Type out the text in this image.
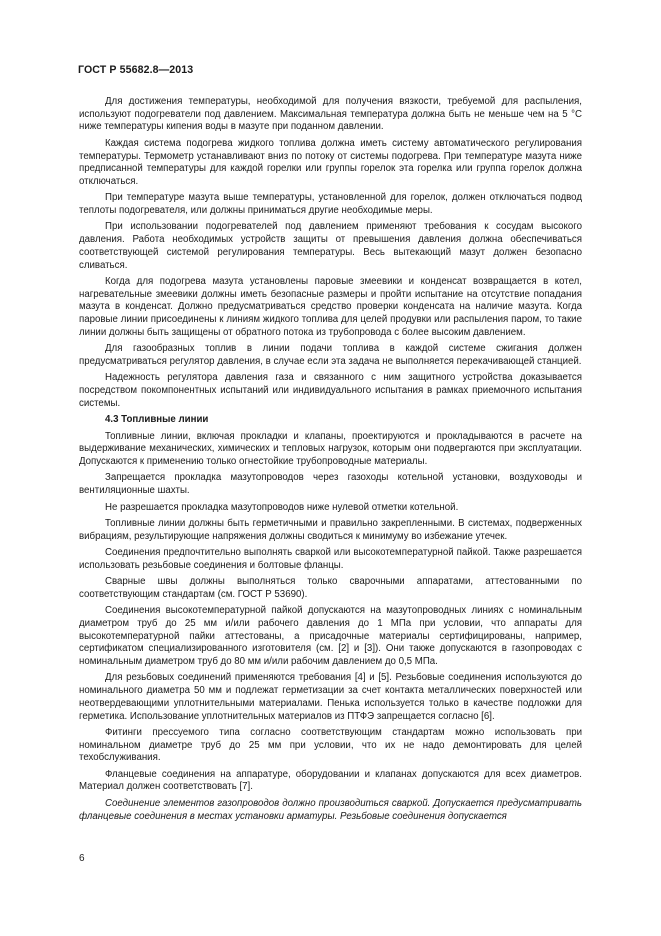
ГОСТ Р 55682.8—2013

Для достижения температуры, необходимой для получения вязкости, требуемой для распыления, используют подогреватели под давлением. Максимальная температура должна быть не меньше чем на 5 °С ниже температуры кипения воды в мазуте при поданном давлении.

Каждая система подогрева жидкого топлива должна иметь систему автоматического регулирования температуры. Термометр устанавливают вниз по потоку от системы подогрева. При температуре мазута ниже предписанной температуры для каждой горелки или группы горелок эта горелка или группа горелок должна отключаться.

При температуре мазута выше температуры, установленной для горелок, должен отключаться подвод теплоты подогревателя, или должны приниматься другие необходимые меры.

При использовании подогревателей под давлением применяют требования к сосудам высокого давления. Работа необходимых устройств защиты от превышения давления должна обеспечиваться соответствующей системой регулирования температуры. Весь вытекающий мазут должен безопасно сливаться.

Когда для подогрева мазута установлены паровые змеевики и конденсат возвращается в котел, нагревательные змеевики должны иметь безопасные размеры и пройти испытание на отсутствие попадания мазута в конденсат. Должно предусматриваться средство проверки конденсата на наличие мазута. Когда паровые линии присоединены к линиям жидкого топлива для целей продувки или распыления паром, то такие линии должны быть защищены от обратного потока из трубопровода с более высоким давлением.

Для газообразных топлив в линии подачи топлива в каждой системе сжигания должен предусматриваться регулятор давления, в случае если эта задача не выполняется перекачивающей станцией.

Надежность регулятора давления газа и связанного с ним защитного устройства доказывается посредством покомпонентных испытаний или индивидуального испытания в рамках приемочного испытания системы.

4.3 Топливные линии

Топливные линии, включая прокладки и клапаны, проектируются и прокладываются в расчете на выдерживание механических, химических и тепловых нагрузок, которым они подвергаются при эксплуатации. Допускаются к применению только огнестойкие трубопроводные материалы.

Запрещается прокладка мазутопроводов через газоходы котельной установки, воздуховоды и вентиляционные шахты.

Не разрешается прокладка мазутопроводов ниже нулевой отметки котельной.

Топливные линии должны быть герметичными и правильно закрепленными. В системах, подверженных вибрациям, результирующие напряжения должны сводиться к минимуму во избежание утечек.

Соединения предпочтительно выполнять сваркой или высокотемпературной пайкой. Также разрешается использовать резьбовые соединения и болтовые фланцы.

Сварные швы должны выполняться только сварочными аппаратами, аттестованными по соответствующим стандартам (см. ГОСТ Р 53690).

Соединения высокотемпературной пайкой допускаются на мазутопроводных линиях с номинальным диаметром труб до 25 мм и/или рабочего давления до 1 МПа при условии, что аппараты для высокотемпературной пайки аттестованы, а присадочные материалы сертифицированы, например, сертификатом специализированного изготовителя (см. [2] и [3]). Они также допускаются в газопроводах с номинальным диаметром труб до 80 мм и/или рабочим давлением до 0,5 МПа.

Для резьбовых соединений применяются требования [4] и [5]. Резьбовые соединения используются до номинального диаметра 50 мм и подлежат герметизации за счет контакта металлических поверхностей или неотвердевающими уплотнительными материалами. Пенька используется только в качестве подложки для герметика. Использование уплотнительных материалов из ПТФЭ запрещается согласно [6].

Фитинги прессуемого типа согласно соответствующим стандартам можно использовать при номинальном диаметре труб до 25 мм при условии, что их не надо демонтировать для целей техобслуживания.

Фланцевые соединения на аппаратуре, оборудовании и клапанах допускаются для всех диаметров. Материал должен соответствовать [7].

Соединение элементов газопроводов должно производиться сваркой. Допускается предусматривать фланцевые соединения в местах установки арматуры. Резьбовые соединения допускается

6
